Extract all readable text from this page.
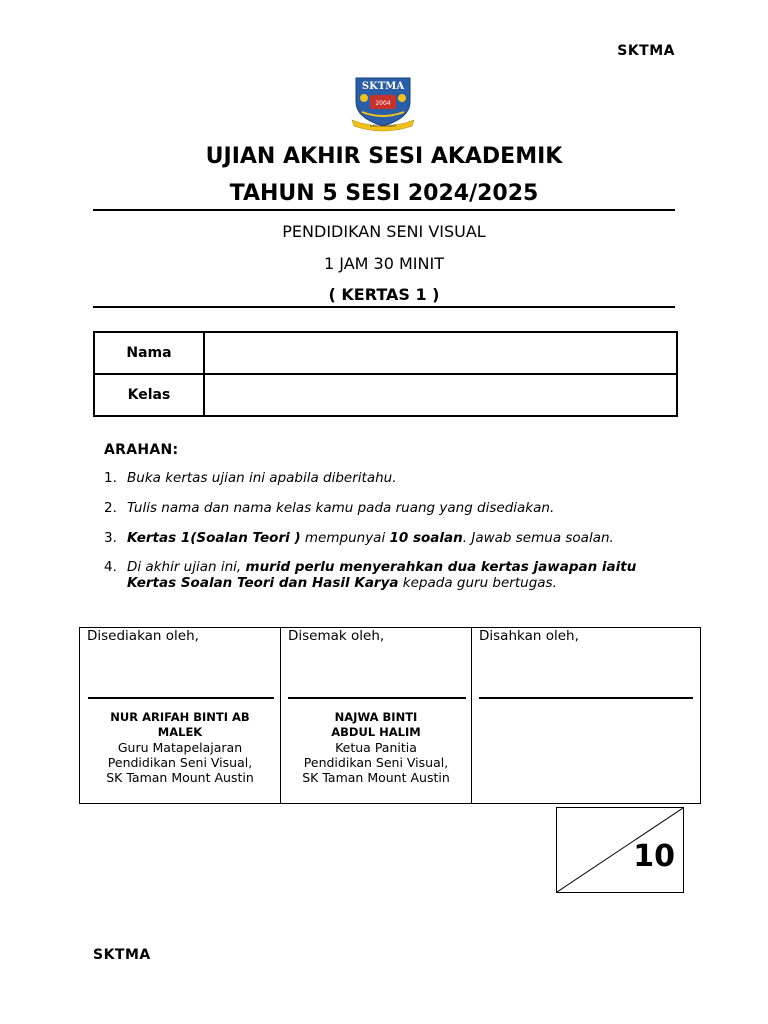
SKTMA
SKTMA
2004
ILMU BERBAKTI
UJIAN AKHIR SESI AKADEMIK
TAHUN 5 SESI 2024/2025
PENDIDIKAN SENI VISUAL
1 JAM 30 MINIT
( KERTAS 1 )
Nama
Kelas
ARAHAN:
1. Buka kertas ujian ini apabila diberitahu.
2. Tulis nama dan nama kelas kamu pada ruang yang disediakan.
3. Kertas 1(Soalan Teori ) mempunyai 10 soalan. Jawab semua soalan.
4. Di akhir ujian ini, murid perlu menyerahkan dua kertas jawapan iaitu Kertas Soalan Teori dan Hasil Karya kepada guru bertugas.
Disediakan oleh,
NUR ARIFAH BINTI AB MALEK
Guru Matapelajaran
Pendidikan Seni Visual,
SK Taman Mount Austin
Disemak oleh,
NAJWA BINTI ABDUL HALIM
Ketua Panitia
Pendidikan Seni Visual,
SK Taman Mount Austin
Disahkan oleh,
10
SKTMA
